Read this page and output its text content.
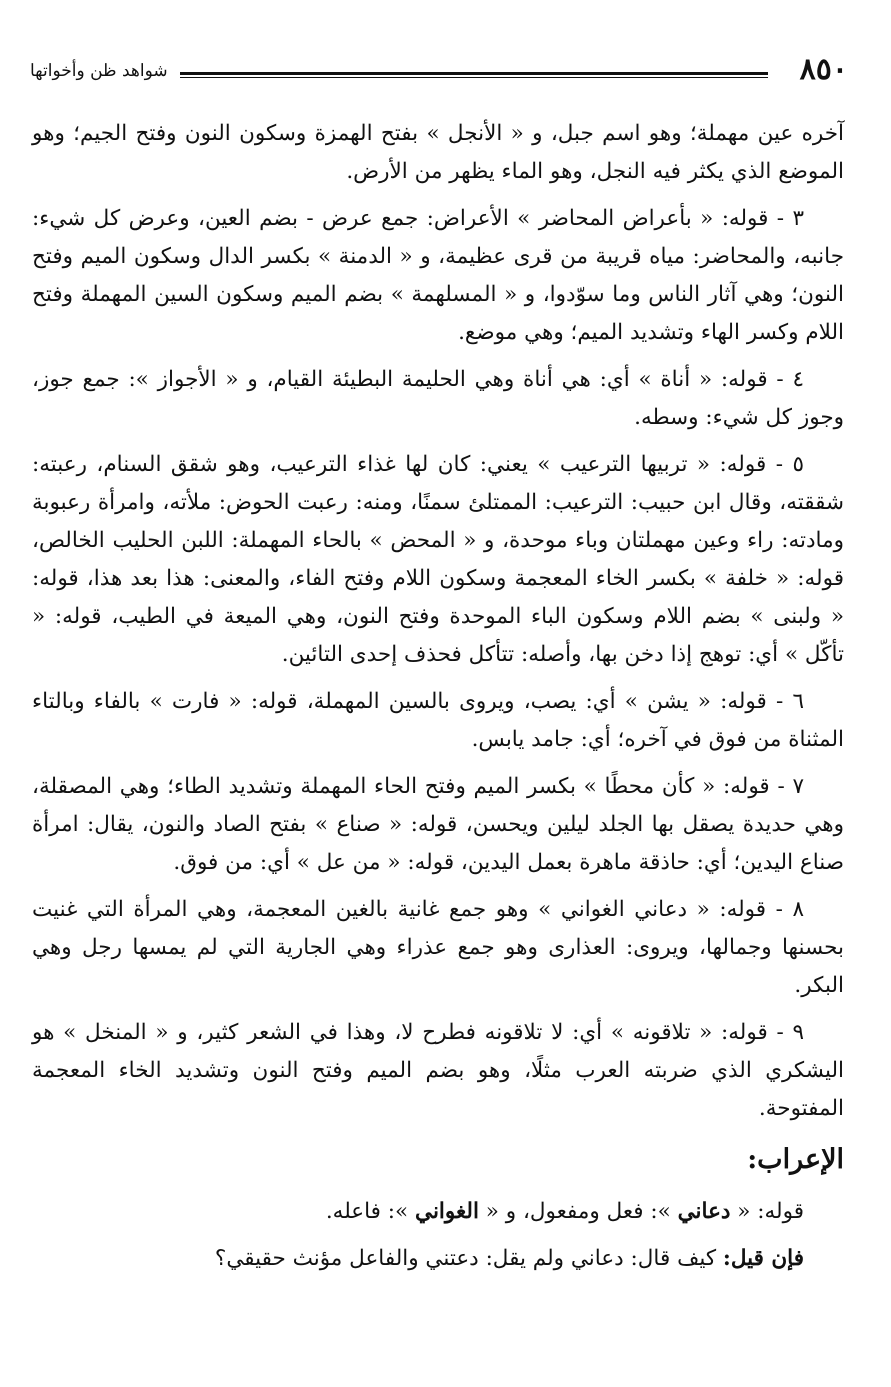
٨٥٠
شواهد ظن وأخواتها

آخره عين مهملة؛ وهو اسم جبل، و « الأنجل » بفتح الهمزة وسكون النون وفتح الجيم؛ وهو الموضع الذي يكثر فيه النجل، وهو الماء يظهر من الأرض.

٣ - قوله: « بأعراض المحاضر » الأعراض: جمع عرض - بضم العين، وعرض كل شيء: جانبه، والمحاضر: مياه قريبة من قرى عظيمة، و « الدمنة » بكسر الدال وسكون الميم وفتح النون؛ وهي آثار الناس وما سوّدوا، و « المسلهمة » بضم الميم وسكون السين المهملة وفتح اللام وكسر الهاء وتشديد الميم؛ وهي موضع.

٤ - قوله: « أناة » أي: هي أناة وهي الحليمة البطيئة القيام، و « الأجواز »: جمع جوز، وجوز كل شيء: وسطه.

٥ - قوله: « تربيها الترعيب » يعني: كان لها غذاء الترعيب، وهو شقق السنام، رعبته: شققته، وقال ابن حبيب: الترعيب: الممتلئ سمنًا، ومنه: رعبت الحوض: ملأته، وامرأة رعبوبة ومادته: راء وعين مهملتان وباء موحدة، و « المحض » بالحاء المهملة: اللبن الحليب الخالص، قوله: « خلفة » بكسر الخاء المعجمة وسكون اللام وفتح الفاء، والمعنى: هذا بعد هذا، قوله: « ولبنى » بضم اللام وسكون الباء الموحدة وفتح النون، وهي الميعة في الطيب، قوله: « تأكّل » أي: توهج إذا دخن بها، وأصله: تتأكل فحذف إحدى التائين.

٦ - قوله: « يشن » أي: يصب، ويروى بالسين المهملة، قوله: « فارت » بالفاء وبالتاء المثناة من فوق في آخره؛ أي: جامد يابس.

٧ - قوله: « كأن محطًا » بكسر الميم وفتح الحاء المهملة وتشديد الطاء؛ وهي المصقلة، وهي حديدة يصقل بها الجلد ليلين ويحسن، قوله: « صناع » بفتح الصاد والنون، يقال: امرأة صناع اليدين؛ أي: حاذقة ماهرة بعمل اليدين، قوله: « من عل » أي: من فوق.

٨ - قوله: « دعاني الغواني » وهو جمع غانية بالغين المعجمة، وهي المرأة التي غنيت بحسنها وجمالها، ويروى: العذارى وهو جمع عذراء وهي الجارية التي لم يمسها رجل وهي البكر.

٩ - قوله: « تلاقونه » أي: لا تلاقونه فطرح لا، وهذا في الشعر كثير، و « المنخل » هو اليشكري الذي ضربته العرب مثلًا، وهو بضم الميم وفتح النون وتشديد الخاء المعجمة المفتوحة.

الإعراب:

قوله: « دعاني »: فعل ومفعول، و « الغواني »: فاعله.

فإن قيل: كيف قال: دعاني ولم يقل: دعتني والفاعل مؤنث حقيقي؟
